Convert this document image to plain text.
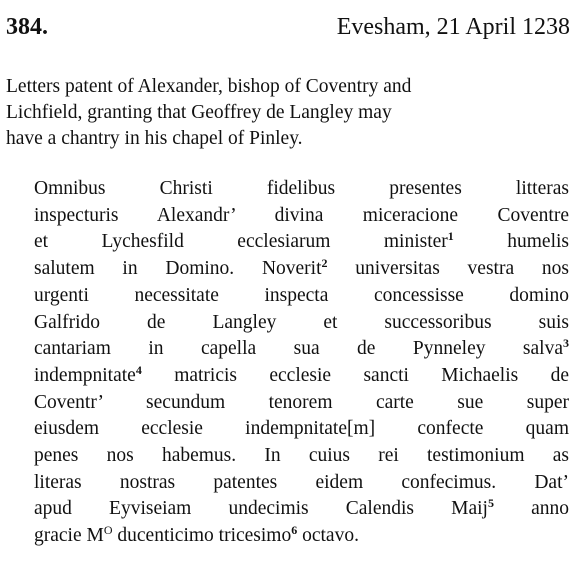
384.	Evesham, 21 April 1238
Letters patent of Alexander, bishop of Coventry and
Lichfield, granting that Geoffrey de Langley may
have a chantry in his chapel of Pinley.
Omnibus Christi fidelibus presentes litteras
inspecturis Alexandr’ divina miceracione Coventre
et Lychesfild ecclesiarum minister$^1$ humelis
salutem in Domino. Noverit$^2$ universitas vestra nos
urgenti necessitate inspecta concessisse domino
Galfrido de Langley et successoribus suis
cantariam in capella sua de Pynneley salva$^3$
indempnitate$^4$ matricis ecclesie sancti Michaelis de
Coventr’ secundum tenorem carte sue super
eiusdem ecclesie indempnitate[m] confecte quam
penes nos habemus. In cuius rei testimonium as
literas nostras patentes eidem confecimus. Dat’
apud Eyviseiam undecimis Calendis Maij$^5$ anno
gracie $M^O$ ducenticimo tricesimo$^6$ octavo.
